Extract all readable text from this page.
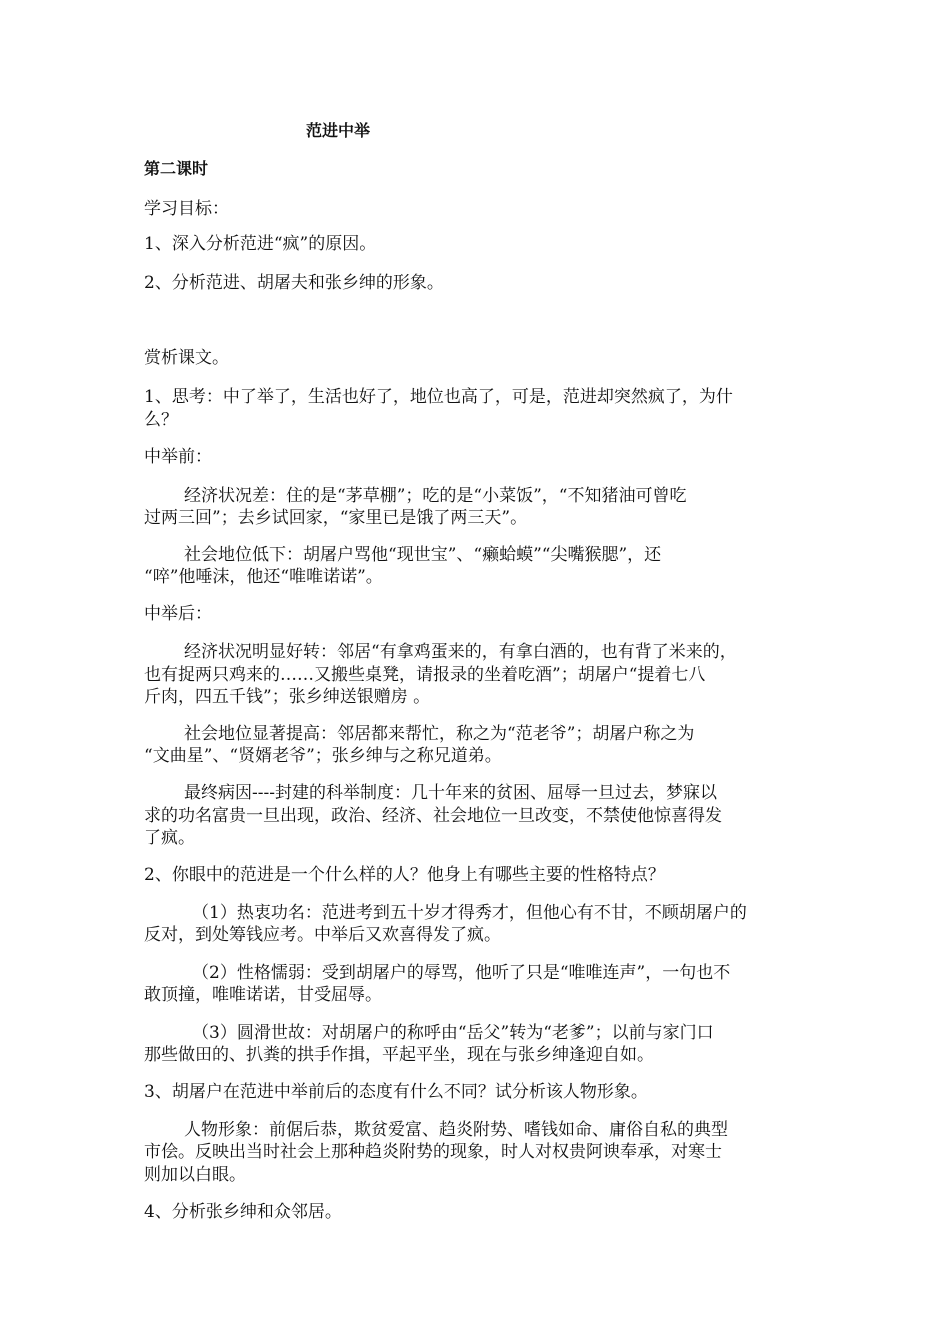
范进中举
第二课时
学习目标：
1、深入分析范进“疯”的原因。
2、分析范进、胡屠夫和张乡绅的形象。
赏析课文。
1、思考：中了举了，生活也好了，地位也高了，可是，范进却突然疯了，为什
么？
中举前：
经济状况差：住的是“茅草棚”；吃的是“小菜饭”，“不知猪油可曾吃
过两三回”；去乡试回家，“家里已是饿了两三天”。
社会地位低下：胡屠户骂他“现世宝”、“癞蛤蟆”“尖嘴猴腮”，还
“啐”他唾沫，他还“唯唯诺诺”。
中举后：
经济状况明显好转：邻居“有拿鸡蛋来的，有拿白酒的，也有背了米来的，
也有捉两只鸡来的……又搬些桌凳，请报录的坐着吃酒”；胡屠户“提着七八
斤肉，四五千钱”；张乡绅送银赠房 。
社会地位显著提高：邻居都来帮忙，称之为“范老爷”；胡屠户称之为
“文曲星”、“贤婿老爷”；张乡绅与之称兄道弟。
最终病因----封建的科举制度：几十年来的贫困、屈辱一旦过去，梦寐以
求的功名富贵一旦出现，政治、经济、社会地位一旦改变，不禁使他惊喜得发
了疯。
2、你眼中的范进是一个什么样的人？他身上有哪些主要的性格特点？
（1）热衷功名：范进考到五十岁才得秀才，但他心有不甘，不顾胡屠户的
反对，到处筹钱应考。中举后又欢喜得发了疯。
（2）性格懦弱：受到胡屠户的辱骂，他听了只是“唯唯连声”，一句也不
敢顶撞，唯唯诺诺，甘受屈辱。
（3）圆滑世故：对胡屠户的称呼由“岳父”转为“老爹”；以前与家门口
那些做田的、扒粪的拱手作揖，平起平坐，现在与张乡绅逢迎自如。
3、胡屠户在范进中举前后的态度有什么不同？试分析该人物形象。
人物形象：前倨后恭，欺贫爱富、趋炎附势、嗜钱如命、庸俗自私的典型
市侩。反映出当时社会上那种趋炎附势的现象，时人对权贵阿谀奉承，对寒士
则加以白眼。
4、分析张乡绅和众邻居。
